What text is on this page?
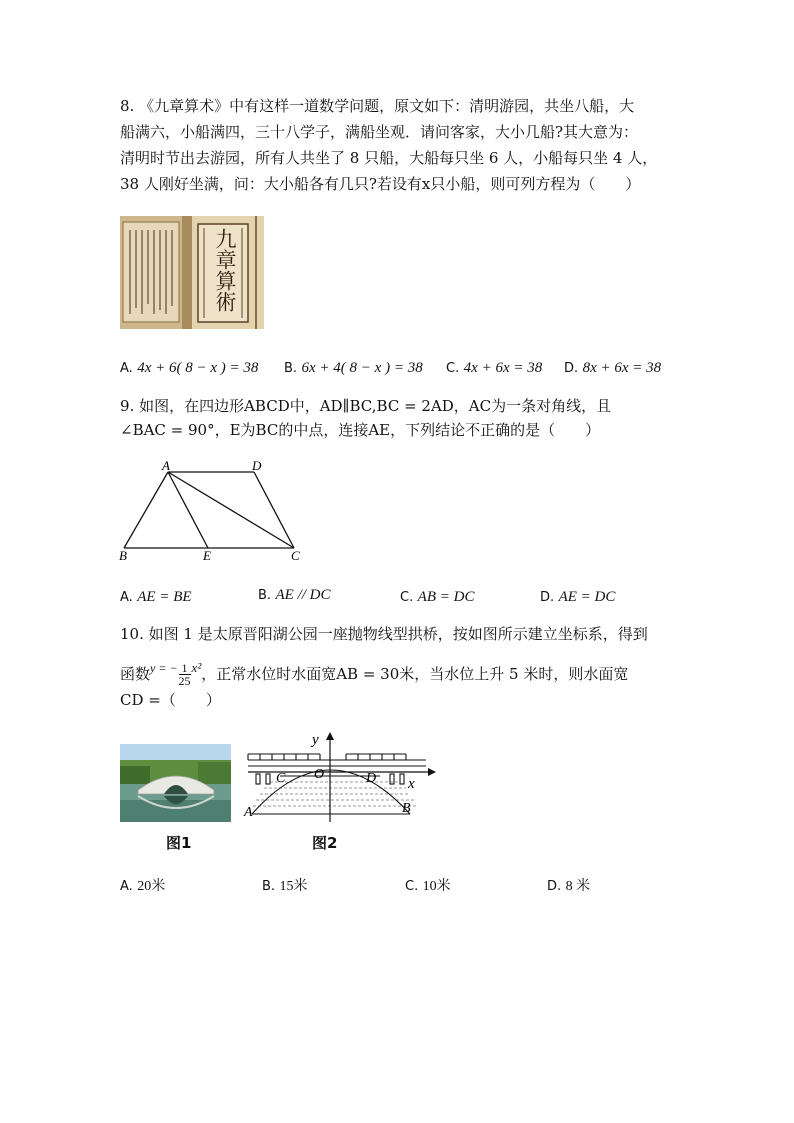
8. 《九章算术》中有这样一道数学问题，原文如下：清明游园，共坐八船，大
船满六，小船满四，三十八学子，满船坐观．请问客家，大小几船?其大意为：
清明时节出去游园，所有人共坐了 8 只船，大船每只坐 6 人，小船每只坐 4 人，
38 人刚好坐满，问：大小船各有几只?若设有x只小船，则可列方程为（　　）
九章算術
A. 4x + 6( 8 − x ) = 38 B. 6x + 4( 8 − x ) = 38 C. 4x + 6x = 38 D. 8x + 6x = 38
9. 如图，在四边形ABCD中，AD∥BC,BC = 2AD，AC为一条对角线，且
∠BAC = 90°，E为BC的中点，连接AE，下列结论不正确的是（　　）
A	D
B	E	C
A. AE = BE	B. AE // DC	C. AB = DC	D. AE = DC
10. 如图 1 是太原晋阳湖公园一座抛物线型拱桥，按如图所示建立坐标系，得到
函数$^{y = -} \frac{1}{25} x^2$，正常水位时水面宽AB = 30米，当水位上升 5 米时，则水面宽
CD =（　　）
y
x
O
C	D
A	B
图1	图2
A. 20米	B. 15米	C. 10米	D. 8 米
